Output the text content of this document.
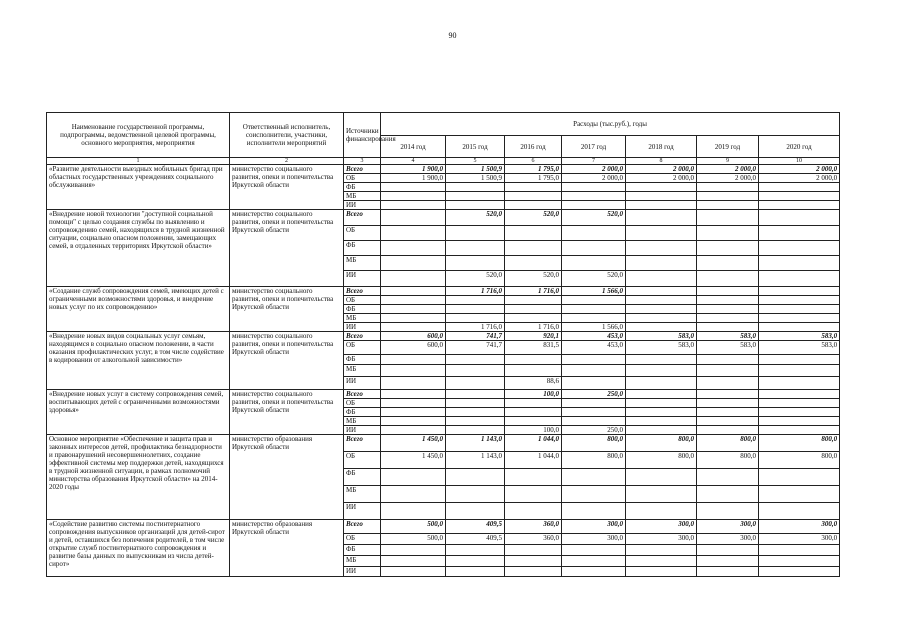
90
Наименование государственной программы, подпрограммы, ведомственной целевой программы, основного мероприятия, мероприятия	Ответственный исполнитель, соисполнители, участники, исполнители мероприятий	Источники финансирования	Расходы (тыс.руб.), годы						
			2014 год	2015 год	2016 год	2017 год	2018 год	2019 год	2020 год
1	2	3	4	5	6	7	8	9	10
«Развитие деятельности выездных мобильных бригад при областных государственных учреждениях социального обслуживания»	министерство социального развития, опеки и попечительства Иркутской области	Всего	1 900,0	1 500,9	1 795,0	2 000,0	2 000,0	2 000,0	2 000,0
		ОБ	1 900,0	1 500,9	1 795,0	2 000,0	2 000,0	2 000,0	2 000,0
		ФБ							
		МБ							
		ИИ							
«Внедрение новой технологии "доступной социальной помощи" с целью создания службы по выявлению и сопровождению семей, находящихся в трудной жизненной ситуации, социально опасном положении, замещающих семей, в отдаленных территориях Иркутской области»	министерство социального развития, опеки и попечительства Иркутской области	Всего		520,0	520,0	520,0			
		ОБ							
		ФБ							
		МБ							
		ИИ		520,0	520,0	520,0			
«Создание служб сопровождения семей, имеющих детей с ограниченными возможностями здоровья, и внедрение новых услуг по их сопровождению»	министерство социального развития, опеки и попечительства Иркутской области	Всего		1 716,0	1 716,0	1 566,0			
		ОБ							
		ФБ							
		МБ							
		ИИ		1 716,0	1 716,0	1 566,0			
«Внедрение новых видов социальных услуг семьям, находящимся в социально опасном положении, в части оказания профилактических услуг, в том числе содействие в кодировании от алкогольной зависимости»	министерство социального развития, опеки и попечительства Иркутской области	Всего	600,0	741,7	920,1	453,0	583,0	583,0	583,0
		ОБ	600,0	741,7	831,5	453,0	583,0	583,0	583,0
		ФБ							
		МБ							
		ИИ			88,6				
«Внедрение новых услуг в систему сопровождения семей, воспитывающих детей с ограниченными возможностями здоровья»	министерство социального развития, опеки и попечительства Иркутской области	Всего			100,0	250,0			
		ОБ							
		ФБ							
		МБ							
		ИИ			100,0	250,0			
Основное мероприятие «Обеспечение и защита прав и законных интересов детей, профилактика безнадзорности и правонарушений несовершеннолетних, создание эффективной системы мер поддержки детей, находящихся в трудной жизненной ситуации, в рамках полномочий министерства образования Иркутской области» на 2014-2020 годы	министерство образования Иркутской области	Всего	1 450,0	1 143,0	1 044,0	800,0	800,0	800,0	800,0
		ОБ	1 450,0	1 143,0	1 044,0	800,0	800,0	800,0	800,0
		ФБ							
		МБ							
		ИИ							
«Содействие развитию системы постинтернатного сопровождения выпускников организаций для детей-сирот и детей, оставшихся без попечения родителей, в том числе открытие служб постинтернатного сопровождения и развитие базы данных по выпускникам из числа детей-сирот»	министерство образования Иркутской области	Всего	500,0	409,5	360,0	300,0	300,0	300,0	300,0
		ОБ	500,0	409,5	360,0	300,0	300,0	300,0	300,0
		ФБ							
		МБ							
		ИИ							
